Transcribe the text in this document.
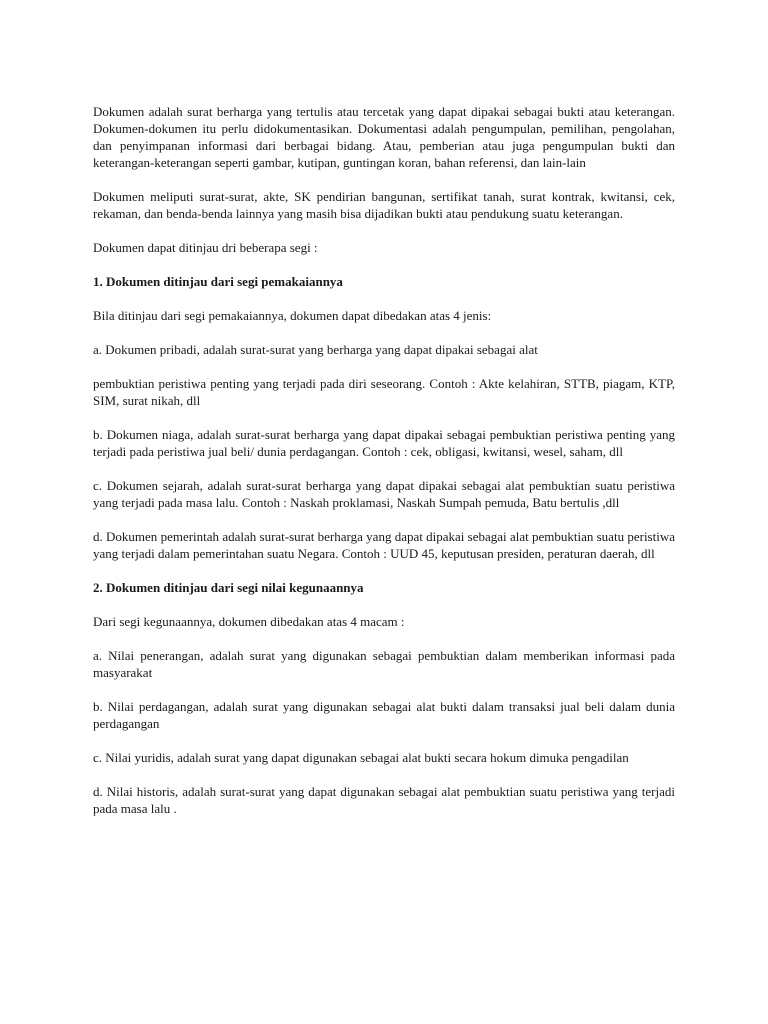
Dokumen adalah surat berharga yang tertulis atau tercetak yang dapat dipakai sebagai bukti atau keterangan. Dokumen-dokumen itu perlu didokumentasikan. Dokumentasi adalah pengumpulan, pemilihan, pengolahan, dan penyimpanan informasi dari berbagai bidang. Atau, pemberian atau juga pengumpulan bukti dan keterangan-keterangan seperti gambar, kutipan, guntingan koran, bahan referensi, dan lain-lain

Dokumen meliputi surat-surat, akte, SK pendirian bangunan, sertifikat tanah, surat kontrak, kwitansi, cek, rekaman, dan benda-benda lainnya yang masih bisa dijadikan bukti atau pendukung suatu keterangan.

Dokumen dapat ditinjau dri beberapa segi :

1. Dokumen ditinjau dari segi pemakaiannya

Bila ditinjau dari segi pemakaiannya, dokumen dapat dibedakan atas 4 jenis:

a. Dokumen pribadi, adalah surat-surat yang berharga yang dapat dipakai sebagai alat

pembuktian peristiwa penting yang terjadi pada diri seseorang. Contoh : Akte kelahiran, STTB, piagam, KTP, SIM, surat nikah, dll

b. Dokumen niaga, adalah surat-surat berharga yang dapat dipakai sebagai pembuktian peristiwa penting yang terjadi pada peristiwa jual beli/ dunia perdagangan. Contoh : cek, obligasi, kwitansi, wesel, saham, dll

c. Dokumen sejarah, adalah surat-surat berharga yang dapat dipakai sebagai alat pembuktian suatu peristiwa yang terjadi pada masa lalu. Contoh : Naskah proklamasi, Naskah Sumpah pemuda, Batu bertulis ,dll

d. Dokumen pemerintah adalah surat-surat berharga yang dapat dipakai sebagai alat pembuktian suatu peristiwa yang terjadi dalam pemerintahan suatu Negara. Contoh : UUD 45, keputusan presiden, peraturan daerah, dll

2. Dokumen ditinjau dari segi nilai kegunaannya

Dari segi kegunaannya, dokumen dibedakan atas 4 macam :

a. Nilai penerangan, adalah surat yang digunakan sebagai pembuktian dalam memberikan informasi pada masyarakat

b. Nilai perdagangan, adalah surat yang digunakan sebagai alat bukti dalam transaksi jual beli dalam dunia perdagangan

c. Nilai yuridis, adalah surat yang dapat digunakan sebagai alat bukti secara hokum dimuka pengadilan

d. Nilai historis, adalah surat-surat yang dapat digunakan sebagai alat pembuktian suatu peristiwa yang terjadi pada masa lalu .
